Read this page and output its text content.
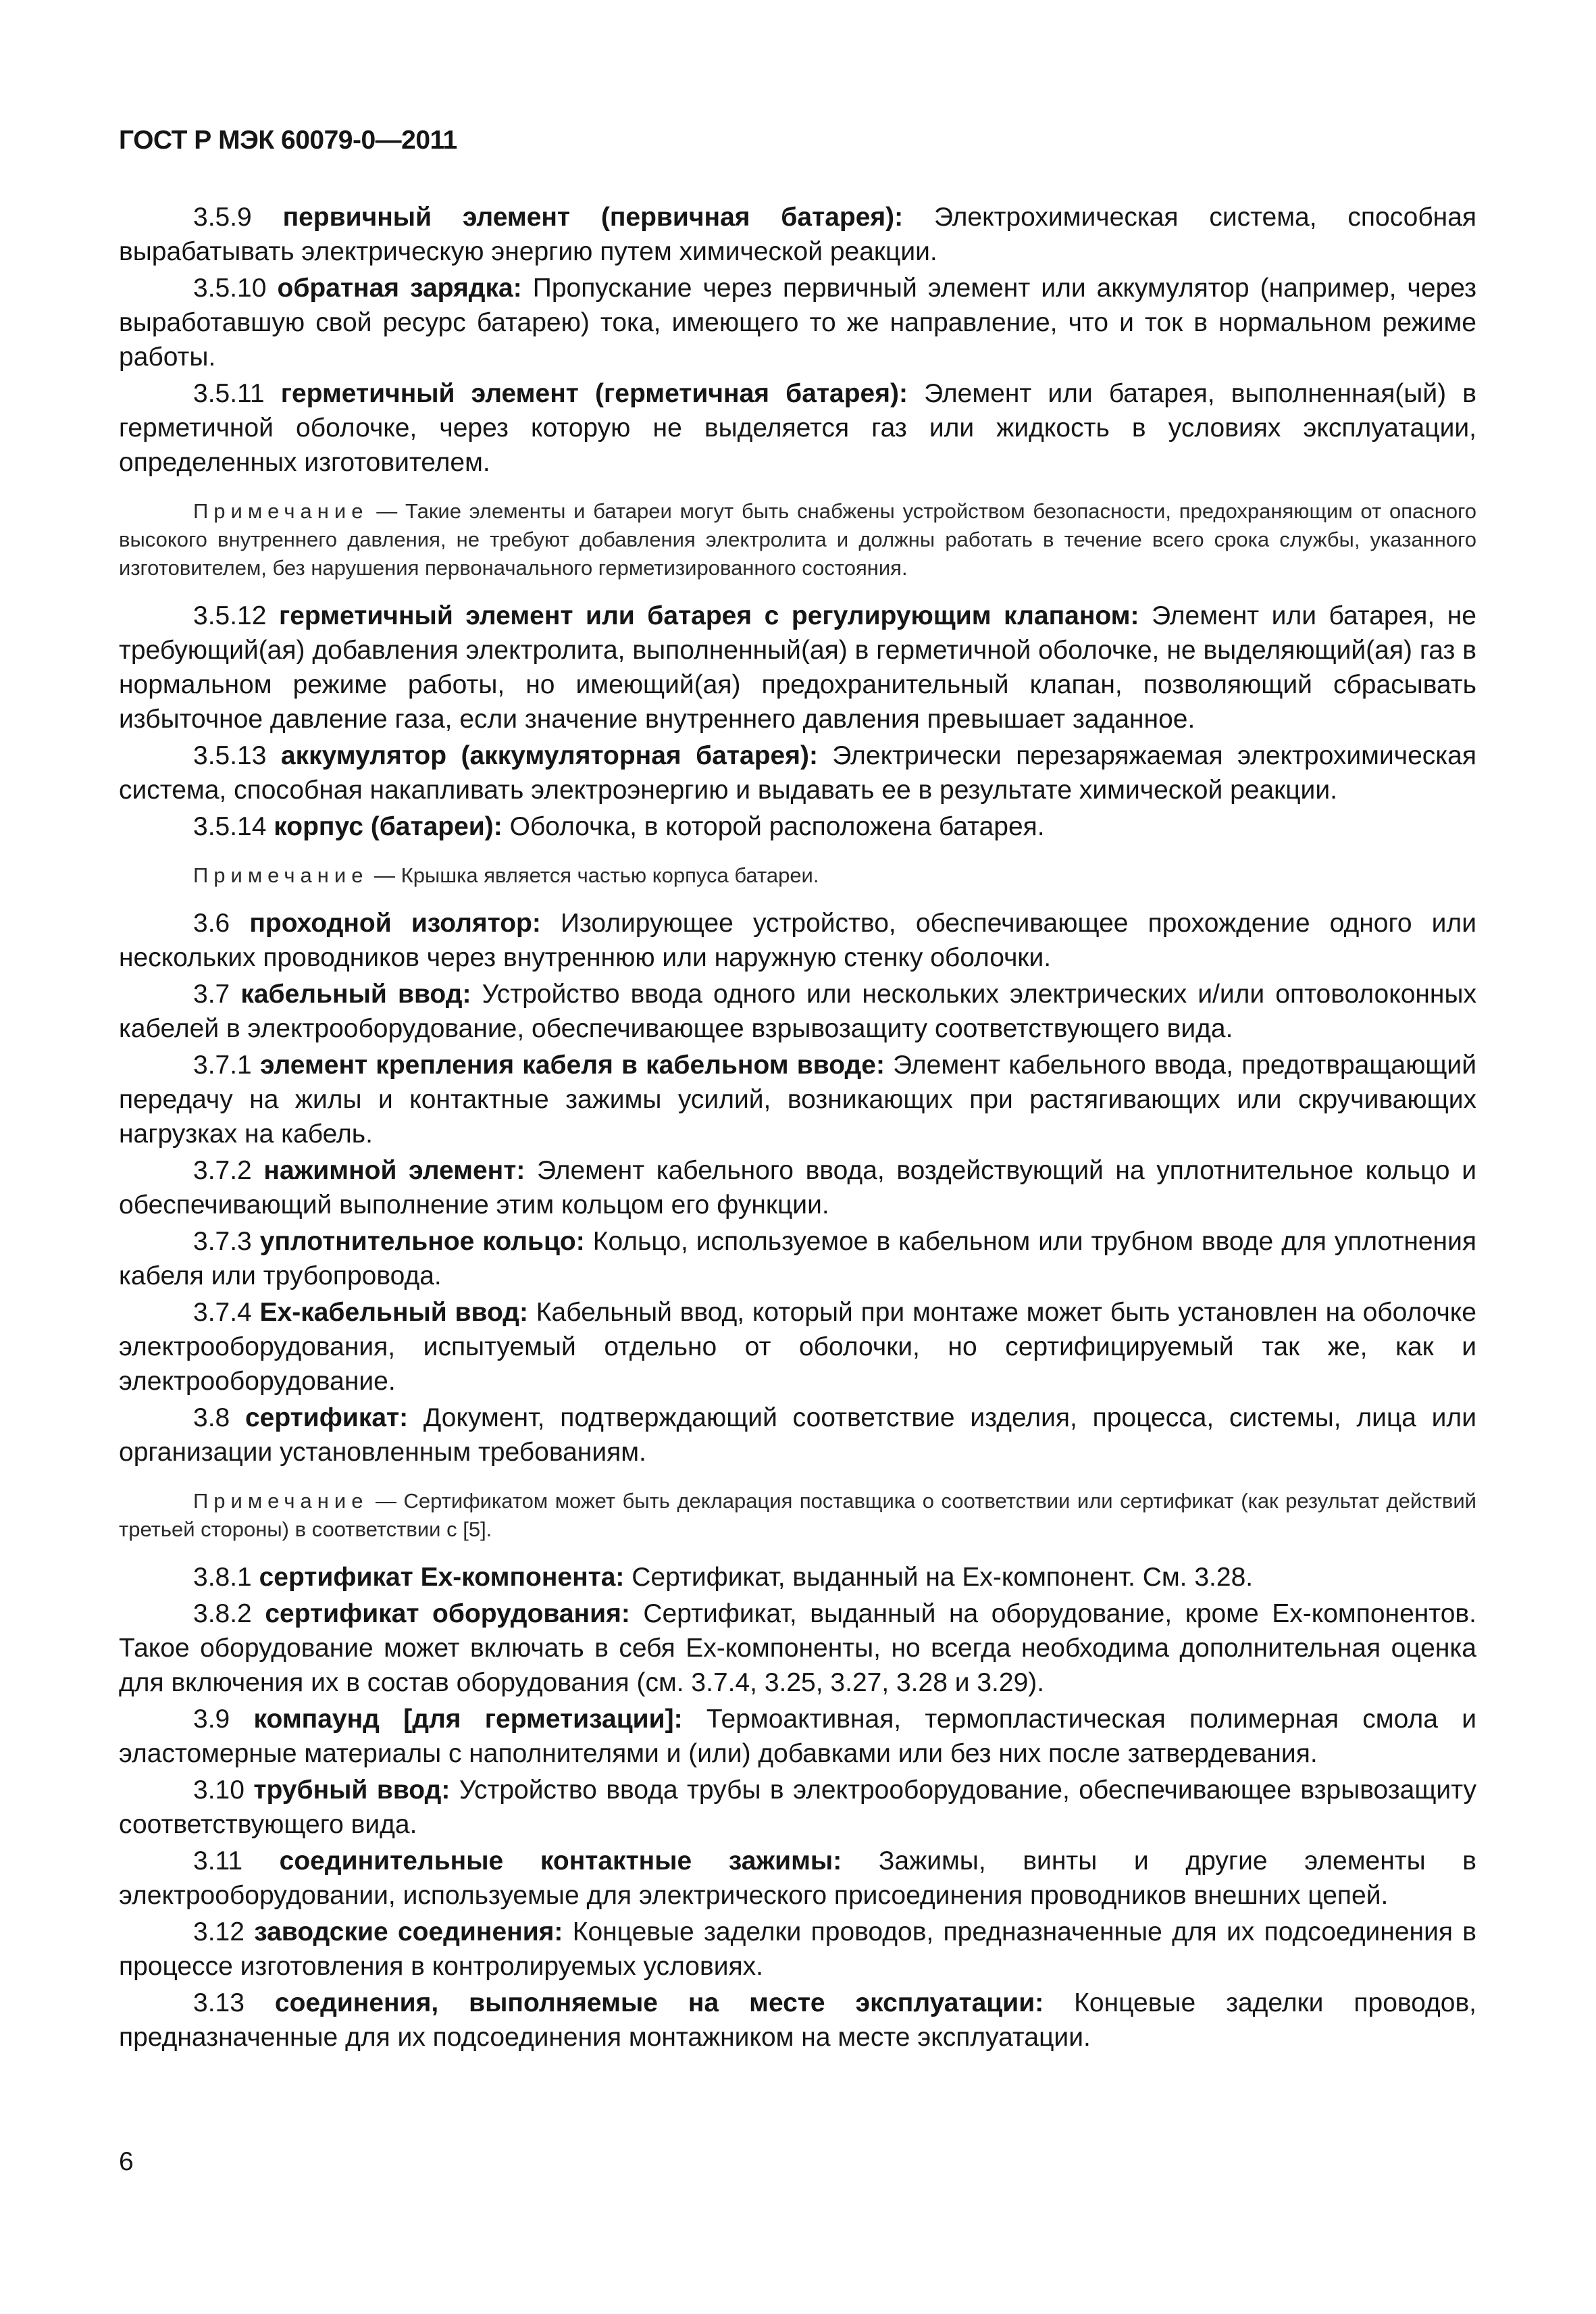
ГОСТ Р МЭК 60079-0—2011

3.5.9 первичный элемент (первичная батарея): Электрохимическая система, способная вырабатывать электрическую энергию путем химической реакции.

3.5.10 обратная зарядка: Пропускание через первичный элемент или аккумулятор (например, через выработавшую свой ресурс батарею) тока, имеющего то же направление, что и ток в нормальном режиме работы.

3.5.11 герметичный элемент (герметичная батарея): Элемент или батарея, выполненная(ый) в герметичной оболочке, через которую не выделяется газ или жидкость в условиях эксплуатации, определенных изготовителем.

Примечание — Такие элементы и батареи могут быть снабжены устройством безопасности, предохраняющим от опасного высокого внутреннего давления, не требуют добавления электролита и должны работать в течение всего срока службы, указанного изготовителем, без нарушения первоначального герметизированного состояния.

3.5.12 герметичный элемент или батарея с регулирующим клапаном: Элемент или батарея, не требующий(ая) добавления электролита, выполненный(ая) в герметичной оболочке, не выделяющий(ая) газ в нормальном режиме работы, но имеющий(ая) предохранительный клапан, позволяющий сбрасывать избыточное давление газа, если значение внутреннего давления превышает заданное.

3.5.13 аккумулятор (аккумуляторная батарея): Электрически перезаряжаемая электрохимическая система, способная накапливать электроэнергию и выдавать ее в результате химической реакции.

3.5.14 корпус (батареи): Оболочка, в которой расположена батарея.

Примечание — Крышка является частью корпуса батареи.

3.6 проходной изолятор: Изолирующее устройство, обеспечивающее прохождение одного или нескольких проводников через внутреннюю или наружную стенку оболочки.

3.7 кабельный ввод: Устройство ввода одного или нескольких электрических и/или оптоволоконных кабелей в электрооборудование, обеспечивающее взрывозащиту соответствующего вида.

3.7.1 элемент крепления кабеля в кабельном вводе: Элемент кабельного ввода, предотвращающий передачу на жилы и контактные зажимы усилий, возникающих при растягивающих или скручивающих нагрузках на кабель.

3.7.2 нажимной элемент: Элемент кабельного ввода, воздействующий на уплотнительное кольцо и обеспечивающий выполнение этим кольцом его функции.

3.7.3 уплотнительное кольцо: Кольцо, используемое в кабельном или трубном вводе для уплотнения кабеля или трубопровода.

3.7.4 Ех-кабельный ввод: Кабельный ввод, который при монтаже может быть установлен на оболочке электрооборудования, испытуемый отдельно от оболочки, но сертифицируемый так же, как и электрооборудование.

3.8 сертификат: Документ, подтверждающий соответствие изделия, процесса, системы, лица или организации установленным требованиям.

Примечание — Сертификатом может быть декларация поставщика о соответствии или сертификат (как результат действий третьей стороны) в соответствии с [5].

3.8.1 сертификат Ех-компонента: Сертификат, выданный на Ех-компонент. См. 3.28.

3.8.2 сертификат оборудования: Сертификат, выданный на оборудование, кроме Ех-компонентов. Такое оборудование может включать в себя Ех-компоненты, но всегда необходима дополнительная оценка для включения их в состав оборудования (см. 3.7.4, 3.25, 3.27, 3.28 и 3.29).

3.9 компаунд [для герметизации]: Термоактивная, термопластическая полимерная смола и эластомерные материалы с наполнителями и (или) добавками или без них после затвердевания.

3.10 трубный ввод: Устройство ввода трубы в электрооборудование, обеспечивающее взрывозащиту соответствующего вида.

3.11 соединительные контактные зажимы: Зажимы, винты и другие элементы в электрооборудовании, используемые для электрического присоединения проводников внешних цепей.

3.12 заводские соединения: Концевые заделки проводов, предназначенные для их подсоединения в процессе изготовления в контролируемых условиях.

3.13 соединения, выполняемые на месте эксплуатации: Концевые заделки проводов, предназначенные для их подсоединения монтажником на месте эксплуатации.

6
